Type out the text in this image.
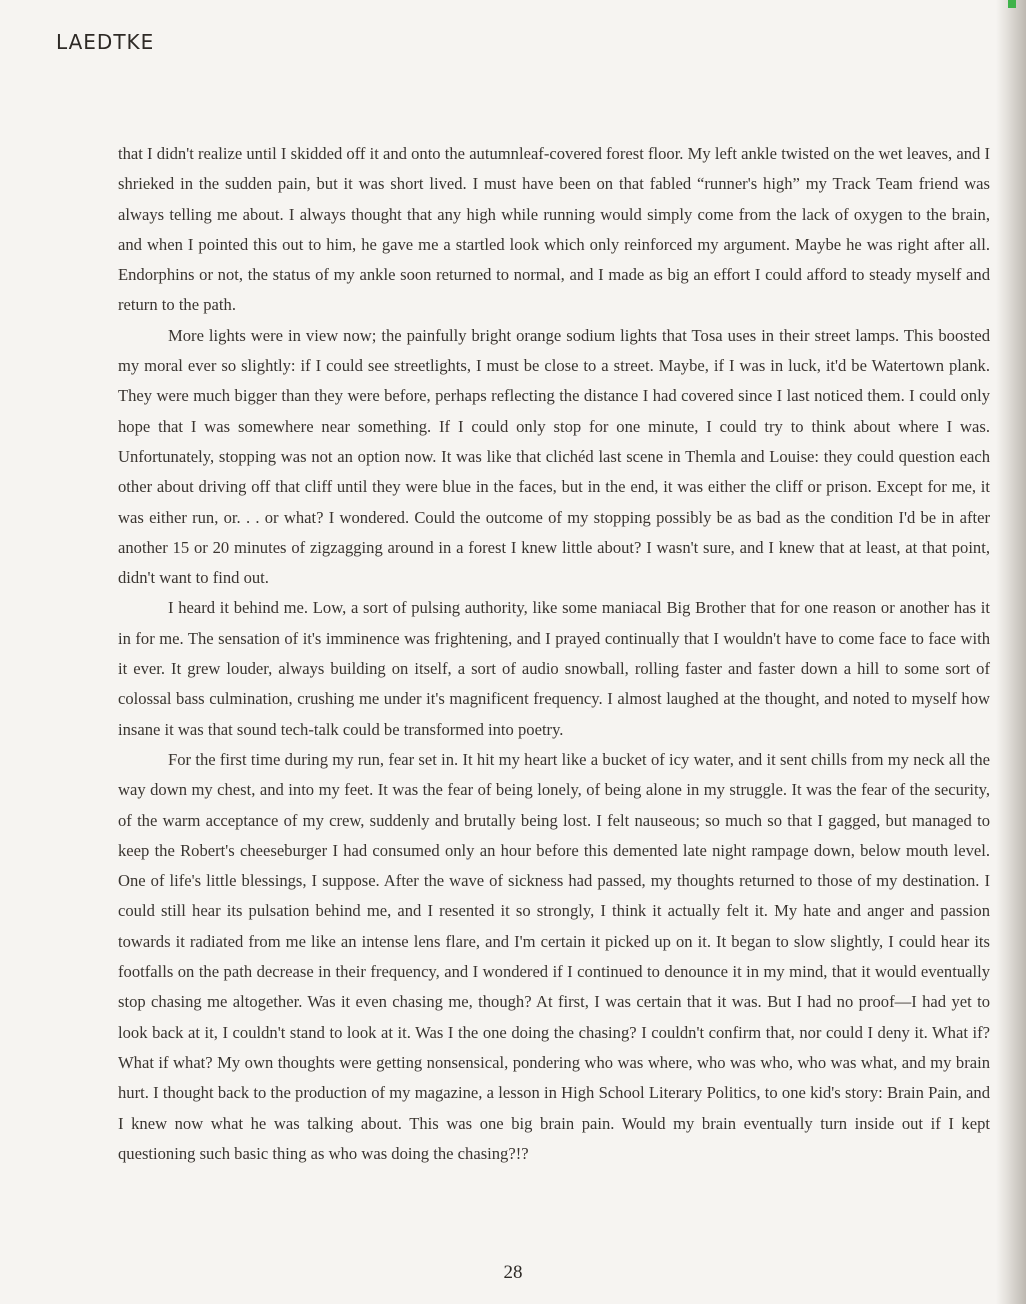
LAEDTKE

that I didn't realize until I skidded off it and onto the autumnleaf-covered forest floor. My left ankle twisted on the wet leaves, and I shrieked in the sudden pain, but it was short lived. I must have been on that fabled “runner's high” my Track Team friend was always telling me about. I always thought that any high while running would simply come from the lack of oxygen to the brain, and when I pointed this out to him, he gave me a startled look which only reinforced my argument. Maybe he was right after all. Endorphins or not, the status of my ankle soon returned to normal, and I made as big an effort I could afford to steady myself and return to the path.

More lights were in view now; the painfully bright orange sodium lights that Tosa uses in their street lamps. This boosted my moral ever so slightly: if I could see streetlights, I must be close to a street. Maybe, if I was in luck, it'd be Watertown plank. They were much bigger than they were before, perhaps reflecting the distance I had covered since I last noticed them. I could only hope that I was somewhere near something. If I could only stop for one minute, I could try to think about where I was. Unfortunately, stopping was not an option now. It was like that clichéd last scene in Themla and Louise: they could question each other about driving off that cliff until they were blue in the faces, but in the end, it was either the cliff or prison. Except for me, it was either run, or. . . or what? I wondered. Could the outcome of my stopping possibly be as bad as the condition I'd be in after another 15 or 20 minutes of zigzagging around in a forest I knew little about? I wasn't sure, and I knew that at least, at that point, didn't want to find out.

I heard it behind me. Low, a sort of pulsing authority, like some maniacal Big Brother that for one reason or another has it in for me. The sensation of it's imminence was frightening, and I prayed continually that I wouldn't have to come face to face with it ever. It grew louder, always building on itself, a sort of audio snowball, rolling faster and faster down a hill to some sort of colossal bass culmination, crushing me under it's magnificent frequency. I almost laughed at the thought, and noted to myself how insane it was that sound tech-talk could be transformed into poetry.

For the first time during my run, fear set in. It hit my heart like a bucket of icy water, and it sent chills from my neck all the way down my chest, and into my feet. It was the fear of being lonely, of being alone in my struggle. It was the fear of the security, of the warm acceptance of my crew, suddenly and brutally being lost. I felt nauseous; so much so that I gagged, but managed to keep the Robert's cheeseburger I had consumed only an hour before this demented late night rampage down, below mouth level. One of life's little blessings, I suppose. After the wave of sickness had passed, my thoughts returned to those of my destination. I could still hear its pulsation behind me, and I resented it so strongly, I think it actually felt it. My hate and anger and passion towards it radiated from me like an intense lens flare, and I'm certain it picked up on it. It began to slow slightly, I could hear its footfalls on the path decrease in their frequency, and I wondered if I continued to denounce it in my mind, that it would eventually stop chasing me altogether. Was it even chasing me, though? At first, I was certain that it was. But I had no proof—I had yet to look back at it, I couldn't stand to look at it. Was I the one doing the chasing? I couldn't confirm that, nor could I deny it. What if? What if what? My own thoughts were getting nonsensical, pondering who was where, who was who, who was what, and my brain hurt. I thought back to the production of my magazine, a lesson in High School Literary Politics, to one kid's story: Brain Pain, and I knew now what he was talking about. This was one big brain pain. Would my brain eventually turn inside out if I kept questioning such basic thing as who was doing the chasing?!?

28
